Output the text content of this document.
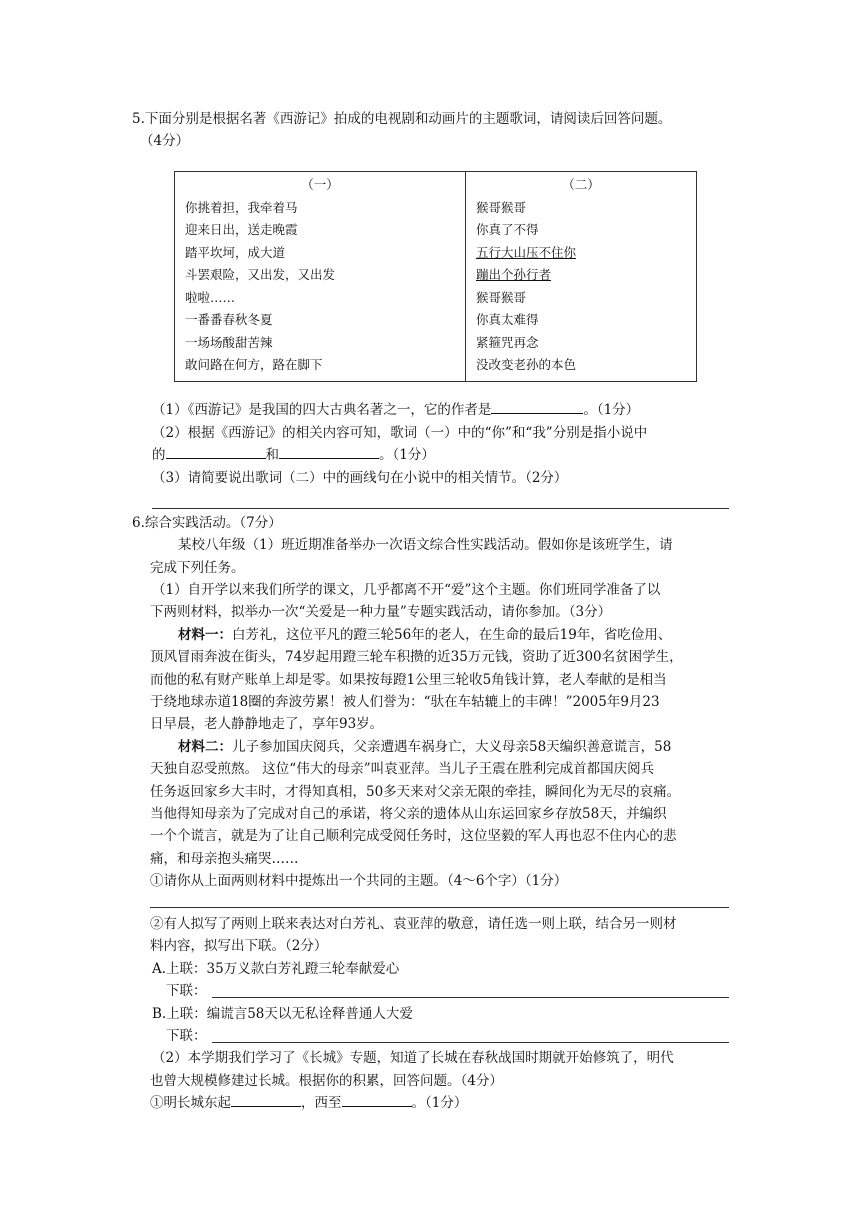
5.下面分别是根据名著《西游记》拍成的电视剧和动画片的主题歌词，请阅读后回答问题。
（4分）
（一）
你挑着担，我牵着马
迎来日出，送走晚霞
踏平坎坷，成大道
斗罢艰险，又出发，又出发
啦啦……
一番番春秋冬夏
一场场酸甜苦辣
敢问路在何方，路在脚下

（二）
猴哥猴哥
你真了不得
五行大山压不住你
蹦出个孙行者
猴哥猴哥
你真太难得
紧箍咒再念
没改变老孙的本色
（1）《西游记》是我国的四大古典名著之一，它的作者是	。（1分）
（2）根据《西游记》的相关内容可知，歌词（一）中的“你”和“我”分别是指小说中
的	和	。（1分）
（3）请简要说出歌词（二）中的画线句在小说中的相关情节。（2分）
6.综合实践活动。（7分）
某校八年级（1）班近期准备举办一次语文综合性实践活动。假如你是该班学生，请
完成下列任务。
（1）自开学以来我们所学的课文，几乎都离不开“爱”这个主题。你们班同学准备了以
下两则材料，拟举办一次“关爱是一种力量”专题实践活动，请你参加。（3分）
材料一：白芳礼，这位平凡的蹬三轮56年的老人，在生命的最后19年，省吃俭用、
顶风冒雨奔波在街头，74岁起用蹬三轮车积攒的近35万元钱，资助了近300名贫困学生，
而他的私有财产账单上却是零。如果按每蹬1公里三轮收5角钱计算，老人奉献的是相当
于绕地球赤道18圈的奔波劳累！被人们誉为：“驮在车轱辘上的丰碑！”2005年9月23
日早晨，老人静静地走了，享年93岁。
材料二：儿子参加国庆阅兵，父亲遭遇车祸身亡，大义母亲58天编织善意谎言，58
天独自忍受煎熬。 这位“伟大的母亲”叫袁亚萍。当儿子王震在胜利完成首都国庆阅兵
任务返回家乡大丰时，才得知真相，50多天来对父亲无限的牵挂，瞬间化为无尽的哀痛。
当他得知母亲为了完成对自己的承诺，将父亲的遗体从山东运回家乡存放58天，并编织
一个个谎言，就是为了让自己顺利完成受阅任务时，这位坚毅的军人再也忍不住内心的悲
痛，和母亲抱头痛哭……
①请你从上面两则材料中提炼出一个共同的主题。（4～6个字）（1分）
②有人拟写了两则上联来表达对白芳礼、袁亚萍的敬意，请任选一则上联，结合另一则材
料内容，拟写出下联。（2分）
A.上联：35万义款白芳礼蹬三轮奉献爱心
下联：
B.上联：编谎言58天以无私诠释普通人大爱
下联：
（2）本学期我们学习了《长城》专题，知道了长城在春秋战国时期就开始修筑了，明代
也曾大规模修建过长城。根据你的积累，回答问题。（4分）
①明长城东起	，西至	。（1分）
